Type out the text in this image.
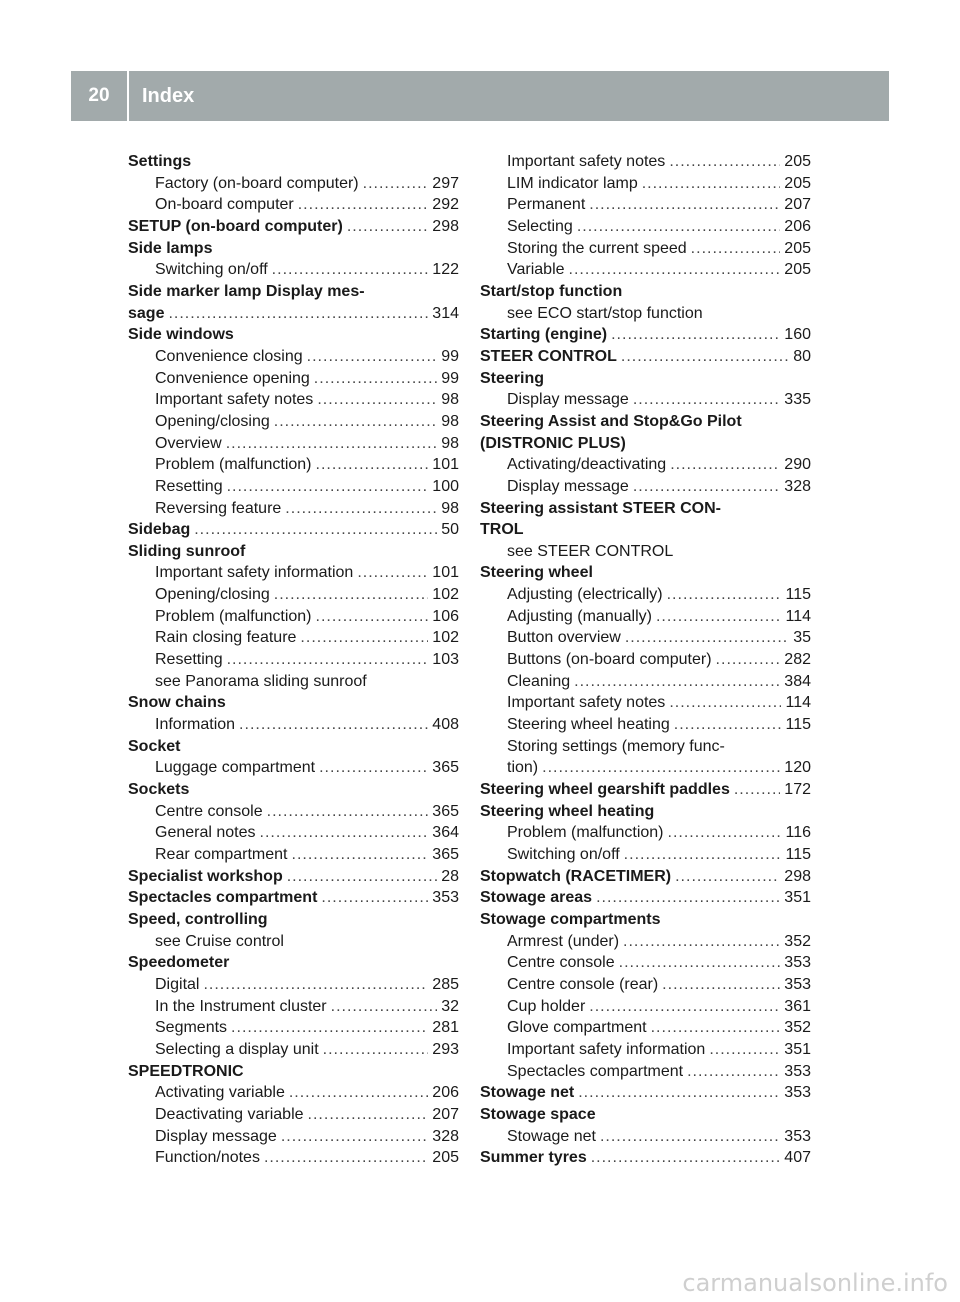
20	Index
Settings
Factory (on-board computer) .....	297
On-board computer .....	292
SETUP (on-board computer) .....	298
Side lamps
Switching on/off .....	122
Side marker lamp Display mes-
sage .....	314
Side windows
Convenience closing .....	99
Convenience opening .....	99
Important safety notes .....	98
Opening/closing .....	98
Overview .....	98
Problem (malfunction) .....	101
Resetting .....	100
Reversing feature .....	98
Sidebag .....	50
Sliding sunroof
Important safety information .....	101
Opening/closing .....	102
Problem (malfunction) .....	106
Rain closing feature .....	102
Resetting .....	103
see Panorama sliding sunroof
Snow chains
Information .....	408
Socket
Luggage compartment .....	365
Sockets
Centre console .....	365
General notes .....	364
Rear compartment .....	365
Specialist workshop .....	28
Spectacles compartment .....	353
Speed, controlling
see Cruise control
Speedometer
Digital .....	285
In the Instrument cluster .....	32
Segments .....	281
Selecting a display unit .....	293
SPEEDTRONIC
Activating variable .....	206
Deactivating variable .....	207
Display message .....	328
Function/notes .....	205
Important safety notes .....	205
LIM indicator lamp .....	205
Permanent .....	207
Selecting .....	206
Storing the current speed .....	205
Variable .....	205
Start/stop function
see ECO start/stop function
Starting (engine) .....	160
STEER CONTROL .....	80
Steering
Display message .....	335
Steering Assist and Stop&Go Pilot
(DISTRONIC PLUS)
Activating/deactivating .....	290
Display message .....	328
Steering assistant STEER CON-
TROL
see STEER CONTROL
Steering wheel
Adjusting (electrically) .....	115
Adjusting (manually) .....	114
Button overview .....	35
Buttons (on-board computer) .....	282
Cleaning .....	384
Important safety notes .....	114
Steering wheel heating .....	115
Storing settings (memory func-
tion) .....	120
Steering wheel gearshift paddles .....	172
Steering wheel heating
Problem (malfunction) .....	116
Switching on/off .....	115
Stopwatch (RACETIMER) .....	298
Stowage areas .....	351
Stowage compartments
Armrest (under) .....	352
Centre console .....	353
Centre console (rear) .....	353
Cup holder .....	361
Glove compartment .....	352
Important safety information .....	351
Spectacles compartment .....	353
Stowage net .....	353
Stowage space
Stowage net .....	353
Summer tyres .....	407
carmanualsonline.info
